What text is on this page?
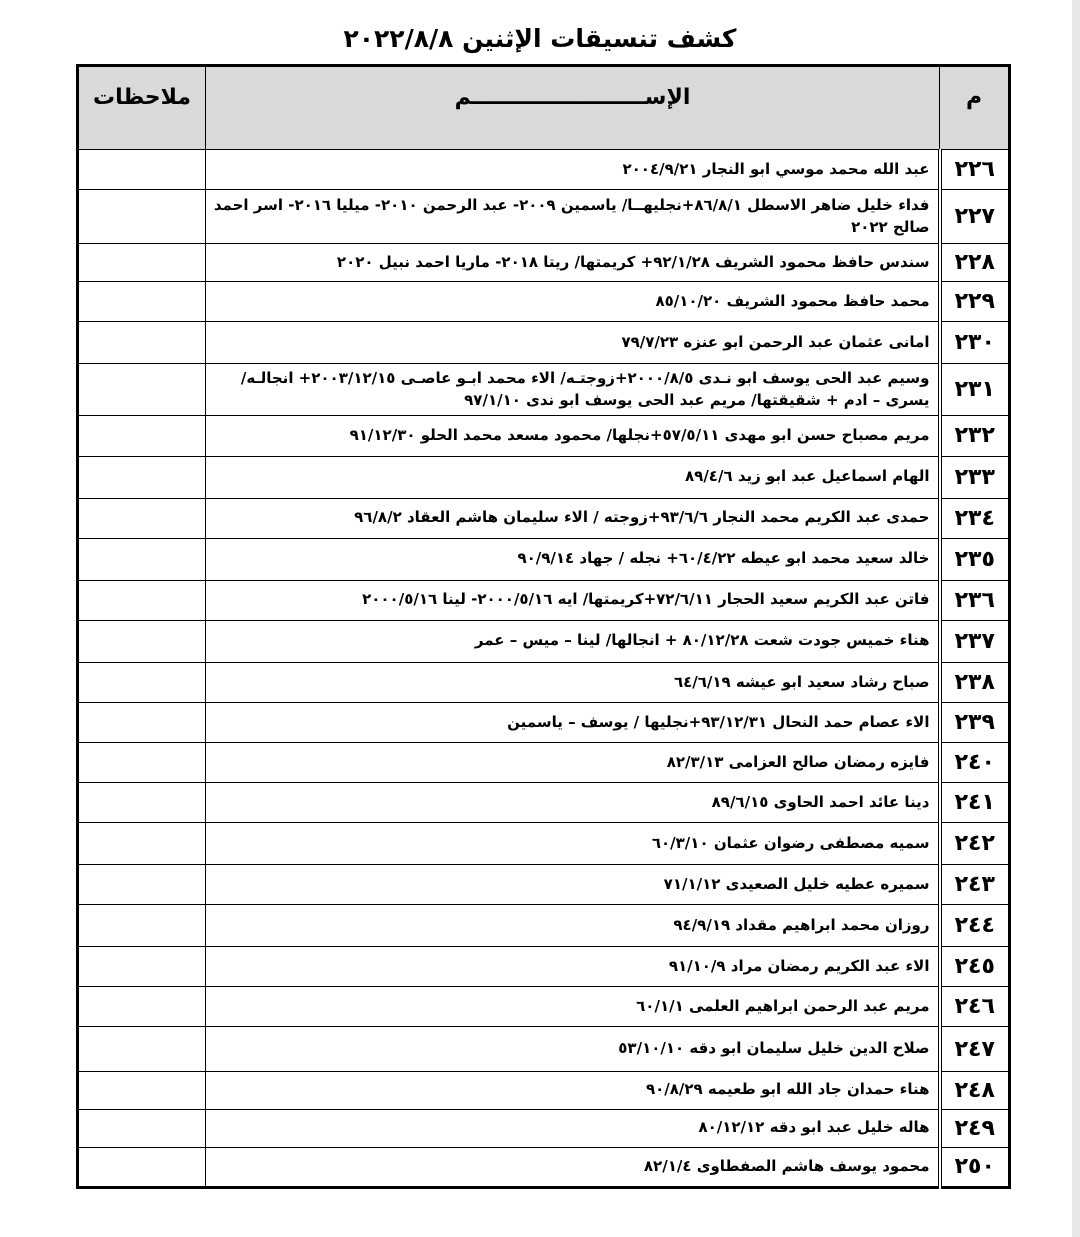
كشف تنسيقات الإثنين ٢٠٢٢/٨/٨
م	الإســـــــــــــــــــــــم	ملاحظات
٢٢٦	عبد الله محمد موسي ابو النجار ٢٠٠٤/٩/٢١	
٢٢٧	فداء خليل ضاهر الاسطل ٨٦/٨/١+نجليهــا/ ياسمين ٢٠٠٩- عبد الرحمن ٢٠١٠- ميليا ٢٠١٦- اسر احمد صالح ٢٠٢٢	
٢٢٨	سندس حافظ محمود الشريف ٩٢/١/٢٨+ كريمتها/ ريتا ٢٠١٨- ماريا احمد نبيل ٢٠٢٠	
٢٢٩	محمد حافظ محمود الشريف ٨٥/١٠/٢٠	
٢٣٠	امانى عثمان عبد الرحمن ابو عنزه ٧٩/٧/٢٣	
٢٣١	وسيم عبد الحى يوسف ابو نـدى ٢٠٠٠/٨/٥+زوجتـه/ الاء محمد ابـو عاصـى ٢٠٠٣/١٢/١٥+ انجالـه/ يسرى – ادم + شقيقتها/ مريم عبد الحى يوسف ابو ندى ٩٧/١/١٠	
٢٣٢	مريم مصباح حسن ابو مهدى ٥٧/٥/١١+نجلها/ محمود مسعد محمد الحلو ٩١/١٢/٣٠	
٢٣٣	الهام اسماعيل عبد ابو زيد ٨٩/٤/٦	
٢٣٤	حمدى عبد الكريم محمد النجار ٩٣/٦/٦+زوجته / الاء سليمان هاشم العقاد ٩٦/٨/٢	
٢٣٥	خالد سعيد محمد ابو عيطه ٦٠/٤/٢٢+ نجله / جهاد ٩٠/٩/١٤	
٢٣٦	فاتن عبد الكريم سعيد الحجار ٧٢/٦/١١+كريمتها/ ايه ٢٠٠٠/٥/١٦- لينا ٢٠٠٠/٥/١٦	
٢٣٧	هناء خميس جودت شعت ٨٠/١٢/٢٨ + انجالها/ لينا – ميس – عمر	
٢٣٨	صباح رشاد سعيد ابو عيشه ٦٤/٦/١٩	
٢٣٩	الاء عصام حمد النحال ٩٣/١٢/٣١+نجليها / يوسف – ياسمين	
٢٤٠	فايزه رمضان صالح العزامى ٨٢/٣/١٣	
٢٤١	دينا عائد احمد الحاوى ٨٩/٦/١٥	
٢٤٢	سميه مصطفى رضوان عثمان ٦٠/٣/١٠	
٢٤٣	سميره عطيه خليل الصعيدى ٧١/١/١٢	
٢٤٤	روزان محمد ابراهيم مقداد ٩٤/٩/١٩	
٢٤٥	الاء عبد الكريم رمضان مراد ٩١/١٠/٩	
٢٤٦	مريم عبد الرحمن ابراهيم العلمى ٦٠/١/١	
٢٤٧	صلاح الدين خليل سليمان ابو دقه ٥٣/١٠/١٠	
٢٤٨	هناء حمدان جاد الله ابو طعيمه ٩٠/٨/٢٩	
٢٤٩	هاله خليل عبد ابو دقه ٨٠/١٢/١٢	
٢٥٠	محمود يوسف هاشم الصفطاوى ٨٢/١/٤	
